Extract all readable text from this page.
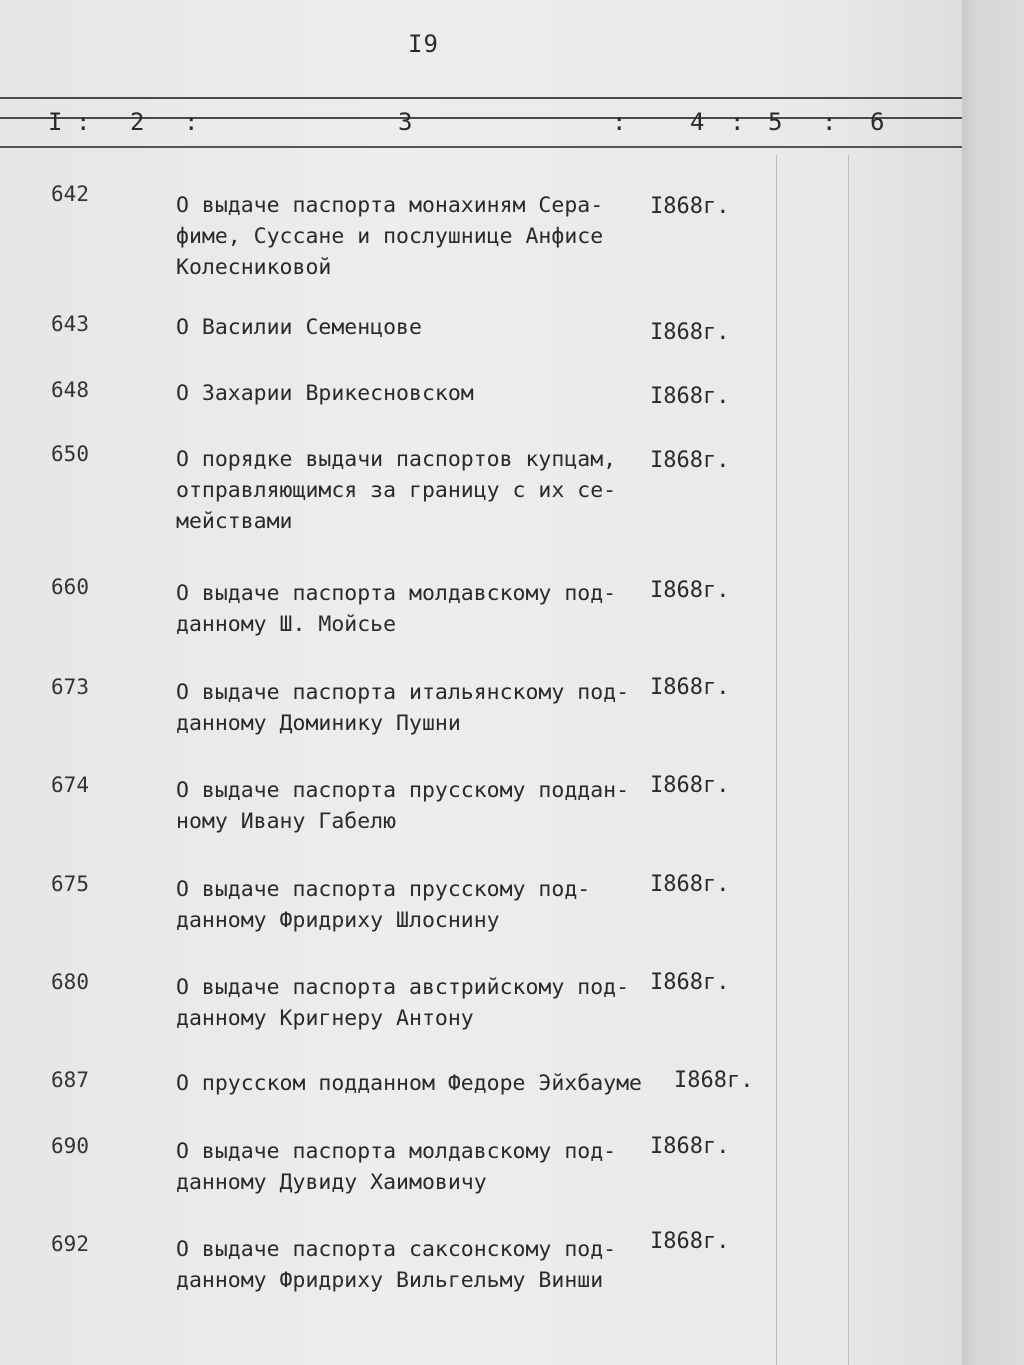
I9
I : 2 :	3	:	4 : 5 : 6
642	О выдаче паспорта монахиням Сера-
фиме, Суссане и послушнице Анфисе
Колесниковой
I868г.
643	О Василии Семенцове	I868г.
648	О Захарии Врикесновском	I868г.
650	О порядке выдачи паспортов купцам,
отправляющимся за границу с их се-
мействами
I868г.
660	О выдаче паспорта молдавскому под-
данному Ш. Мойсье
I868г.
673	О выдаче паспорта итальянскому под-
данному Доминику Пушни
I868г.
674	О выдаче паспорта прусскому поддан-
ному Ивану Габелю
I868г.
675	О выдаче паспорта прусскому под-
данному Фридриху Шлоснину
I868г.
680	О выдаче паспорта австрийскому под-
данному Кригнеру Антону
I868г.
687	О прусском подданном Федоре Эйхбауме	I868г.
690	О выдаче паспорта молдавскому под-
данному Дувиду Хаимовичу
I868г.
692	О выдаче паспорта саксонскому под-
данному Фридриху Вильгельму Винши
I868г.
